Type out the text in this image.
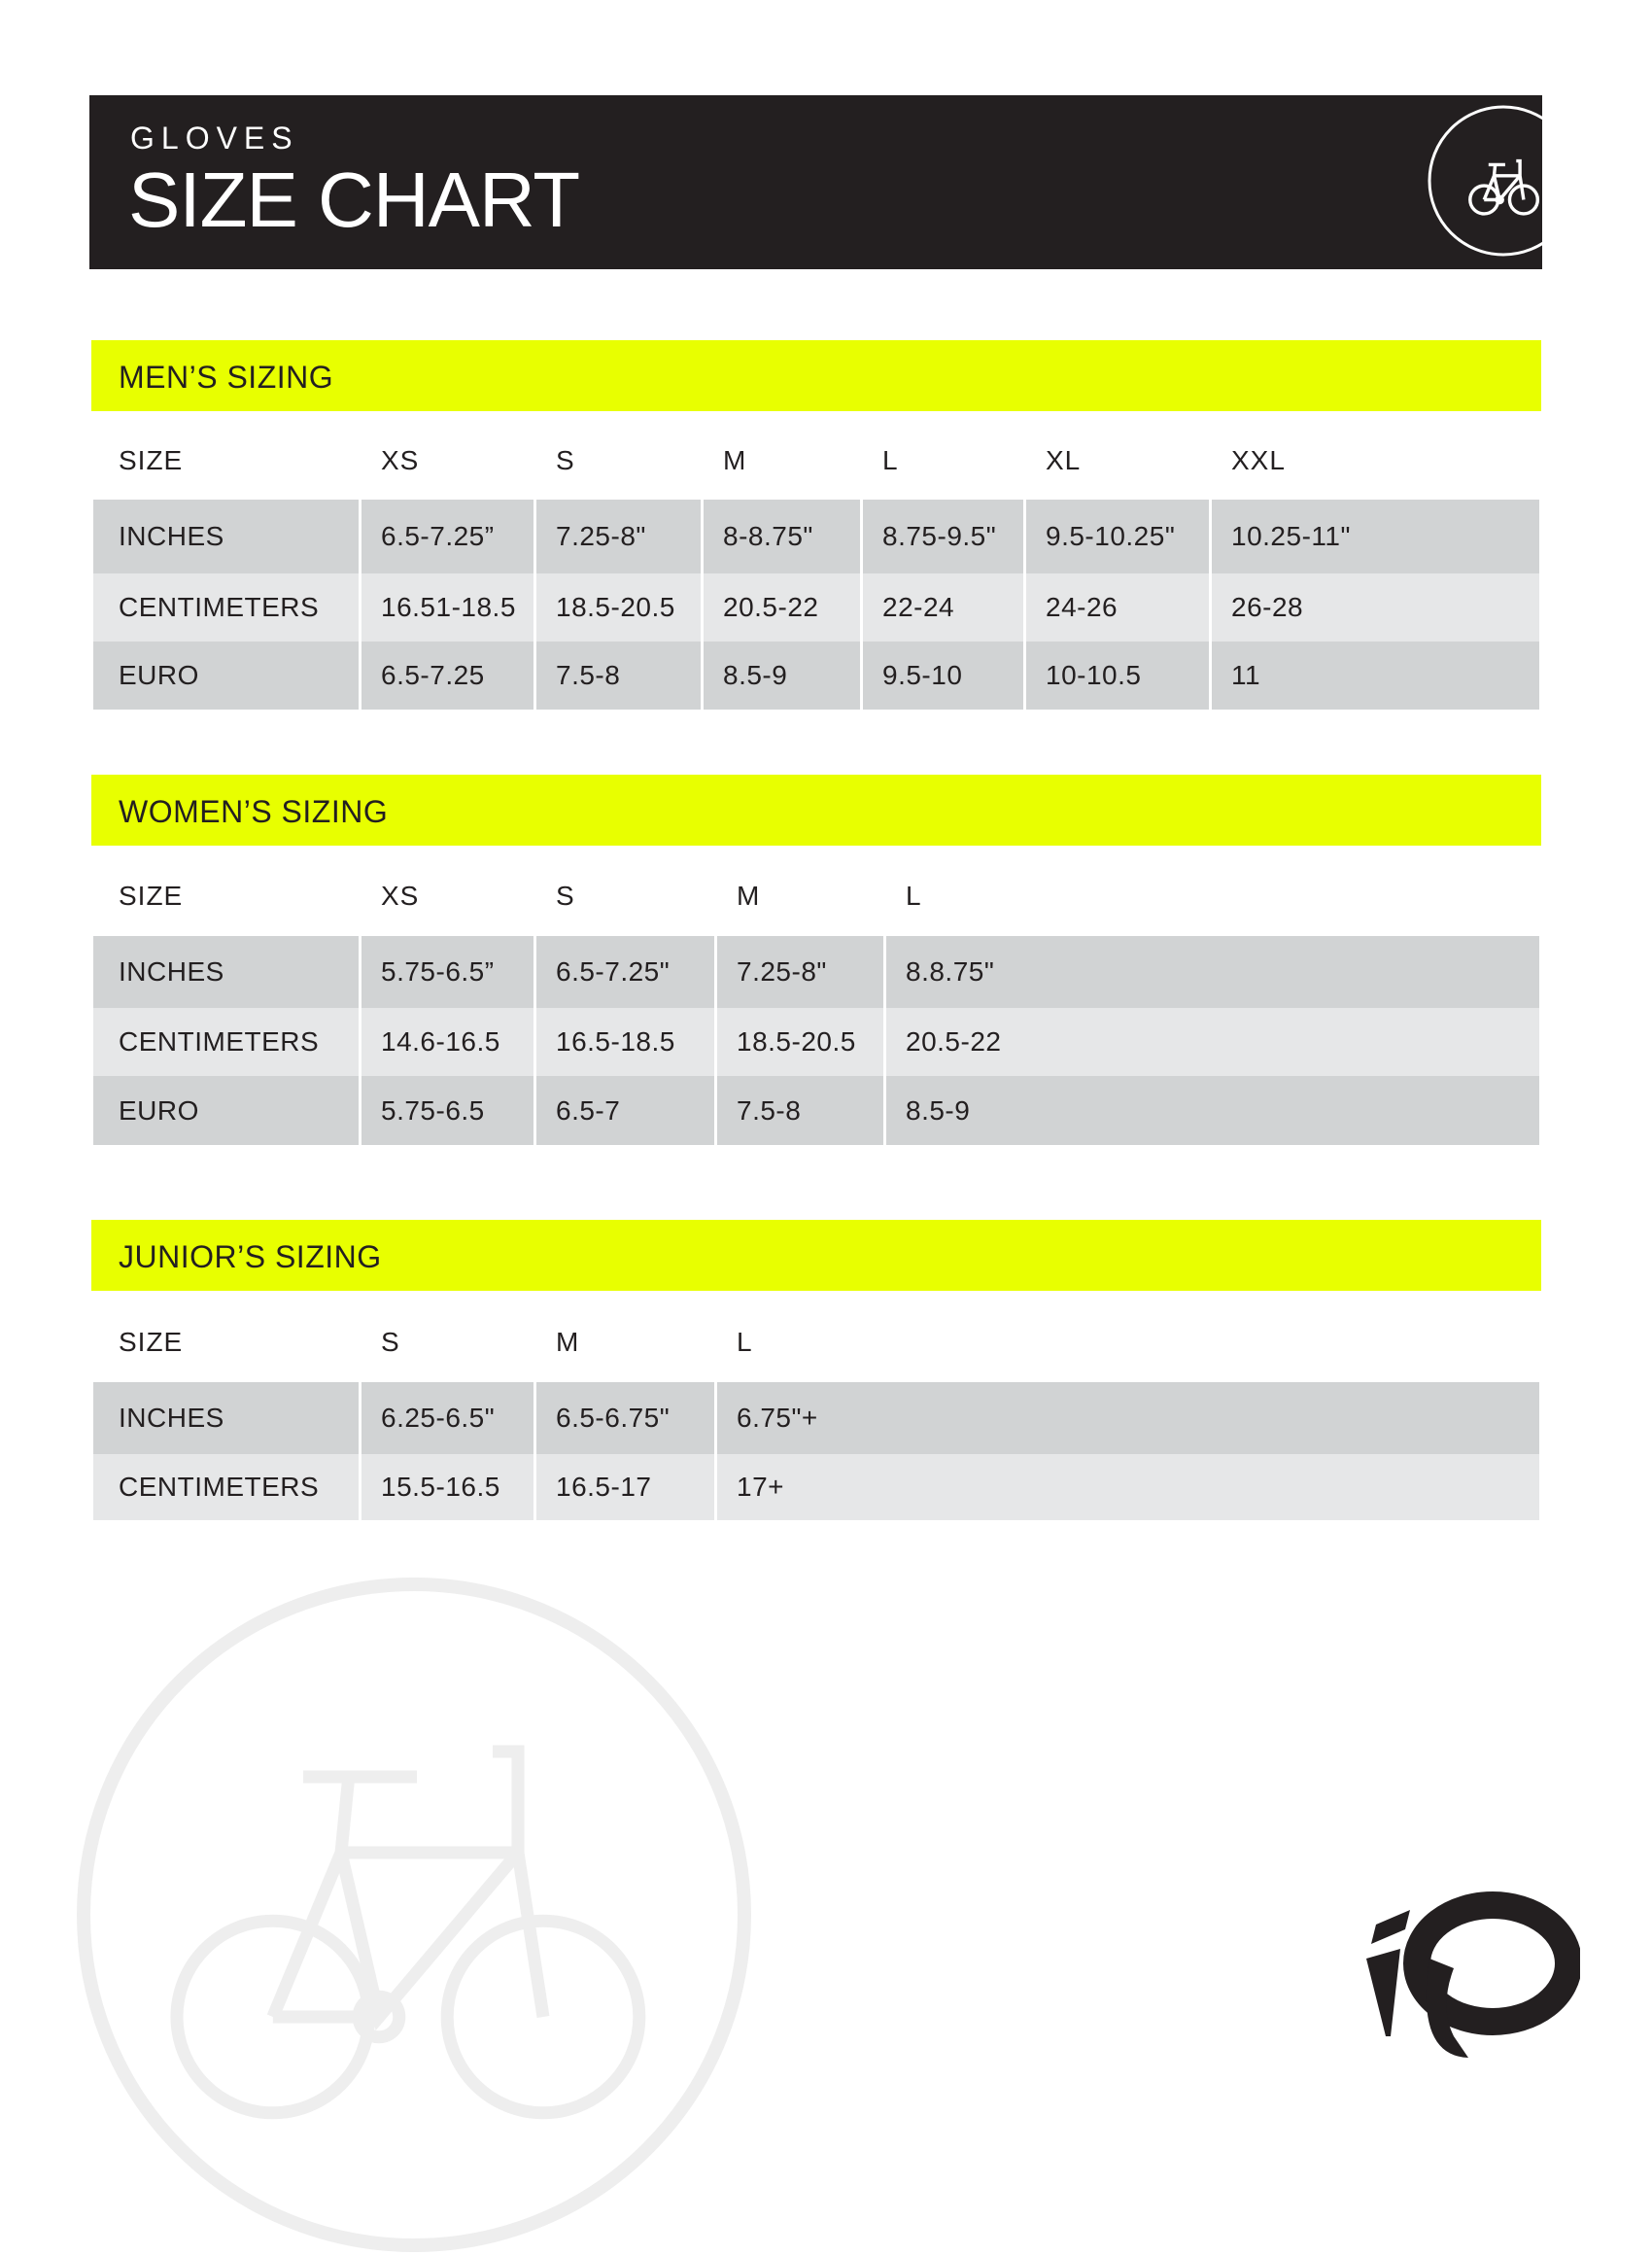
GLOVES
SIZE CHART
MEN’S SIZING
SIZE	XS	S	M	L	XL	XXL
INCHES	6.5-7.25”	7.25-8"	8-8.75"	8.75-9.5"	9.5-10.25"	10.25-11"
CENTIMETERS	16.51-18.5	18.5-20.5	20.5-22	22-24	24-26	26-28
EURO	6.5-7.25	7.5-8	8.5-9	9.5-10	10-10.5	11
WOMEN’S SIZING
SIZE	XS	S	M	L
INCHES	5.75-6.5”	6.5-7.25"	7.25-8"	8.8.75"
CENTIMETERS	14.6-16.5	16.5-18.5	18.5-20.5	20.5-22
EURO	5.75-6.5	6.5-7	7.5-8	8.5-9
JUNIOR’S SIZING
SIZE	S	M	L
INCHES	6.25-6.5"	6.5-6.75"	6.75"+
CENTIMETERS	15.5-16.5	16.5-17	17+
